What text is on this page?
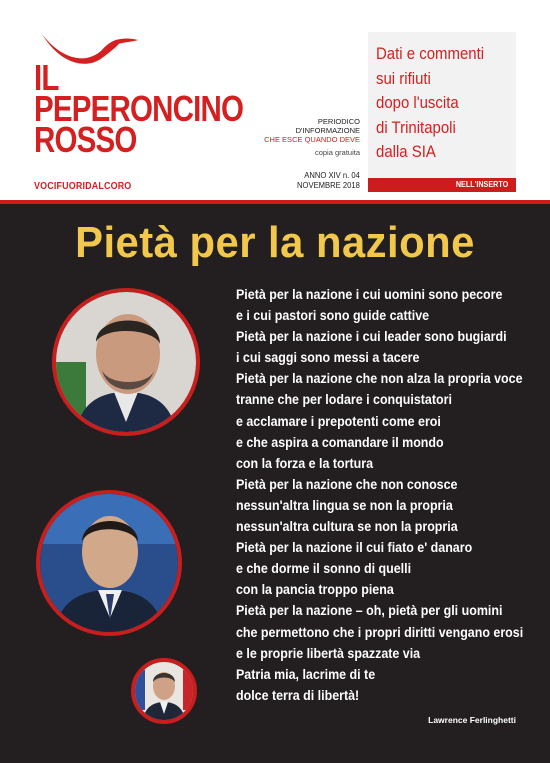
IL
PEPERONCINO
ROSSO
VOCIFUORIDALCORO
PERIODICO
D'INFORMAZIONE
CHE ESCE QUANDO DEVE
copia gratuita
ANNO XIV n. 04
NOVEMBRE 2018
Dati e commenti
sui rifiuti
dopo l'uscita
di Trinitapoli
dalla SIA
NELL'INSERTO
Pietà per la nazione
Pietà per la nazione i cui uomini sono pecore
e i cui pastori sono guide cattive
Pietà per la nazione i cui leader sono bugiardi
i cui saggi sono messi a tacere
Pietà per la nazione che non alza la propria voce
tranne che per lodare i conquistatori
e acclamare i prepotenti come eroi
e che aspira a comandare il mondo
con la forza e la tortura
Pietà per la nazione che non conosce
nessun'altra lingua se non la propria
nessun'altra cultura se non la propria
Pietà per la nazione il cui fiato e' danaro
e che dorme il sonno di quelli
con la pancia troppo piena
Pietà per la nazione – oh, pietà per gli uomini
che permettono che i propri diritti vengano erosi
e le proprie libertà spazzate via
Patria mia, lacrime di te
dolce terra di libertà!
Lawrence Ferlinghetti
